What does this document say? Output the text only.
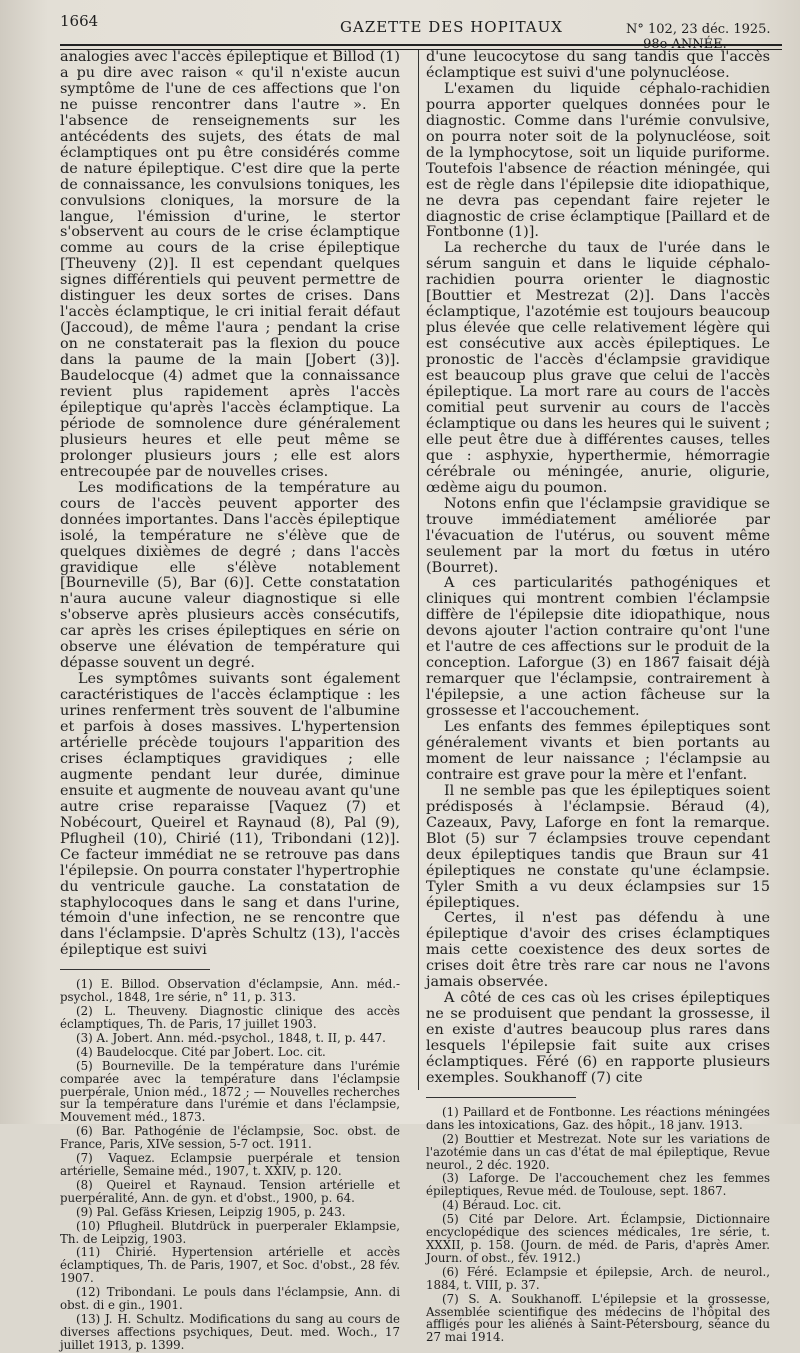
1664	GAZETTE DES HOPITAUX	N° 102, 23 déc. 1925. — 98e ANNÉE.

analogies avec l'accès épileptique et Billod (1) a pu dire avec raison « qu'il n'existe aucun symptôme de l'une de ces affections que l'on ne puisse rencontrer dans l'autre ». En l'absence de renseignements sur les antécédents des sujets, des états de mal éclamptiques ont pu être considérés comme de nature épileptique. C'est dire que la perte de connaissance, les convulsions toniques, les convulsions cloniques, la morsure de la langue, l'émission d'urine, le stertor s'observent au cours de le crise éclamptique comme au cours de la crise épileptique [Theuveny (2)]. Il est cependant quelques signes différentiels qui peuvent permettre de distinguer les deux sortes de crises. Dans l'accès éclamptique, le cri initial ferait défaut (Jaccoud), de même l'aura ; pendant la crise on ne constaterait pas la flexion du pouce dans la paume de la main [Jobert (3)]. Baudelocque (4) admet que la connaissance revient plus rapidement après l'accès épileptique qu'après l'accès éclamptique. La période de somnolence dure généralement plusieurs heures et elle peut même se prolonger plusieurs jours ; elle est alors entrecoupée par de nouvelles crises.

Les modifications de la température au cours de l'accès peuvent apporter des données importantes. Dans l'accès épileptique isolé, la température ne s'élève que de quelques dixièmes de degré ; dans l'accès gravidique elle s'élève notablement [Bourneville (5), Bar (6)]. Cette constatation n'aura aucune valeur diagnostique si elle s'observe après plusieurs accès consécutifs, car après les crises épileptiques en série on observe une élévation de température qui dépasse souvent un degré.

Les symptômes suivants sont également caractéristiques de l'accès éclamptique : les urines renferment très souvent de l'albumine et parfois à doses massives. L'hypertension artérielle précède toujours l'apparition des crises éclamptiques gravidiques ; elle augmente pendant leur durée, diminue ensuite et augmente de nouveau avant qu'une autre crise reparaisse [Vaquez (7) et Nobécourt, Queirel et Raynaud (8), Pal (9), Pflugheil (10), Chirié (11), Tribondani (12)]. Ce facteur immédiat ne se retrouve pas dans l'épilepsie. On pourra constater l'hypertrophie du ventricule gauche. La constatation de staphylocoques dans le sang et dans l'urine, témoin d'une infection, ne se rencontre que dans l'éclampsie. D'après Schultz (13), l'accès épileptique est suivi

(1) E. Billod. Observation d'éclampsie, Ann. méd.-psychol., 1848, 1re série, n° 11, p. 313.

(2) L. Theuveny. Diagnostic clinique des accès éclamptiques, Th. de Paris, 17 juillet 1903.

(3) A. Jobert. Ann. méd.-psychol., 1848, t. II, p. 447.

(4) Baudelocque. Cité par Jobert. Loc. cit.

(5) Bourneville. De la température dans l'urémie comparée avec la température dans l'éclampsie puerpérale, Union méd., 1872 ; — Nouvelles recherches sur la température dans l'urémie et dans l'éclampsie, Mouvement méd., 1873.

(6) Bar. Pathogénie de l'éclampsie, Soc. obst. de France, Paris, XIVe session, 5-7 oct. 1911.

(7) Vaquez. Eclampsie puerpérale et tension artérielle, Semaine méd., 1907, t. XXIV, p. 120.

(8) Queirel et Raynaud. Tension artérielle et puerpéralité, Ann. de gyn. et d'obst., 1900, p. 64.

(9) Pal. Gefäss Kriesen, Leipzig 1905, p. 243.

(10) Pflugheil. Blutdrück in puerperaler Eklampsie, Th. de Leipzig, 1903.

(11) Chirié. Hypertension artérielle et accès éclamptiques, Th. de Paris, 1907, et Soc. d'obst., 28 fév. 1907.

(12) Tribondani. Le pouls dans l'éclampsie, Ann. di obst. di e gin., 1901.

(13) J. H. Schultz. Modifications du sang au cours de diverses affections psychiques, Deut. med. Woch., 17 juillet 1913, p. 1399.

d'une leucocytose du sang tandis que l'accès éclamptique est suivi d'une polynucléose.

L'examen du liquide céphalo-rachidien pourra apporter quelques données pour le diagnostic. Comme dans l'urémie convulsive, on pourra noter soit de la polynucléose, soit de la lymphocytose, soit un liquide puriforme. Toutefois l'absence de réaction méningée, qui est de règle dans l'épilepsie dite idiopathique, ne devra pas cependant faire rejeter le diagnostic de crise éclamptique [Paillard et de Fontbonne (1)].

La recherche du taux de l'urée dans le sérum sanguin et dans le liquide céphalo-rachidien pourra orienter le diagnostic [Bouttier et Mestrezat (2)]. Dans l'accès éclamptique, l'azotémie est toujours beaucoup plus élevée que celle relativement légère qui est consécutive aux accès épileptiques. Le pronostic de l'accès d'éclampsie gravidique est beaucoup plus grave que celui de l'accès épileptique. La mort rare au cours de l'accès comitial peut survenir au cours de l'accès éclamptique ou dans les heures qui le suivent ; elle peut être due à différentes causes, telles que : asphyxie, hyperthermie, hémorragie cérébrale ou méningée, anurie, oligurie, œdème aigu du poumon.

Notons enfin que l'éclampsie gravidique se trouve immédiatement améliorée par l'évacuation de l'utérus, ou souvent même seulement par la mort du fœtus in utéro (Bourret).

A ces particularités pathogéniques et cliniques qui montrent combien l'éclampsie diffère de l'épilepsie dite idiopathique, nous devons ajouter l'action contraire qu'ont l'une et l'autre de ces affections sur le produit de la conception. Laforgue (3) en 1867 faisait déjà remarquer que l'éclampsie, contrairement à l'épilepsie, a une action fâcheuse sur la grossesse et l'accouchement.

Les enfants des femmes épileptiques sont généralement vivants et bien portants au moment de leur naissance ; l'éclampsie au contraire est grave pour la mère et l'enfant.

Il ne semble pas que les épileptiques soient prédisposés à l'éclampsie. Béraud (4), Cazeaux, Pavy, Laforge en font la remarque. Blot (5) sur 7 éclampsies trouve cependant deux épileptiques tandis que Braun sur 41 épileptiques ne constate qu'une éclampsie. Tyler Smith a vu deux éclampsies sur 15 épileptiques.

Certes, il n'est pas défendu à une épileptique d'avoir des crises éclamptiques mais cette coexistence des deux sortes de crises doit être très rare car nous ne l'avons jamais observée.

A côté de ces cas où les crises épileptiques ne se produisent que pendant la grossesse, il en existe d'autres beaucoup plus rares dans lesquels l'épilepsie fait suite aux crises éclamptiques. Féré (6) en rapporte plusieurs exemples. Soukhanoff (7) cite

(1) Paillard et de Fontbonne. Les réactions méningées dans les intoxications, Gaz. des hôpit., 18 janv. 1913.

(2) Bouttier et Mestrezat. Note sur les variations de l'azotémie dans un cas d'état de mal épileptique, Revue neurol., 2 déc. 1920.

(3) Laforge. De l'accouchement chez les femmes épileptiques, Revue méd. de Toulouse, sept. 1867.

(4) Béraud. Loc. cit.

(5) Cité par Delore. Art. Éclampsie, Dictionnaire encyclopédique des sciences médicales, 1re série, t. XXXII, p. 158. (Journ. de méd. de Paris, d'après Amer. Journ. of obst., fév. 1912.)

(6) Féré. Eclampsie et épilepsie, Arch. de neurol., 1884, t. VIII, p. 37.

(7) S. A. Soukhanoff. L'épilepsie et la grossesse, Assemblée scientifique des médecins de l'hôpital des affligés pour les aliénés à Saint-Pétersbourg, séance du 27 mai 1914.
